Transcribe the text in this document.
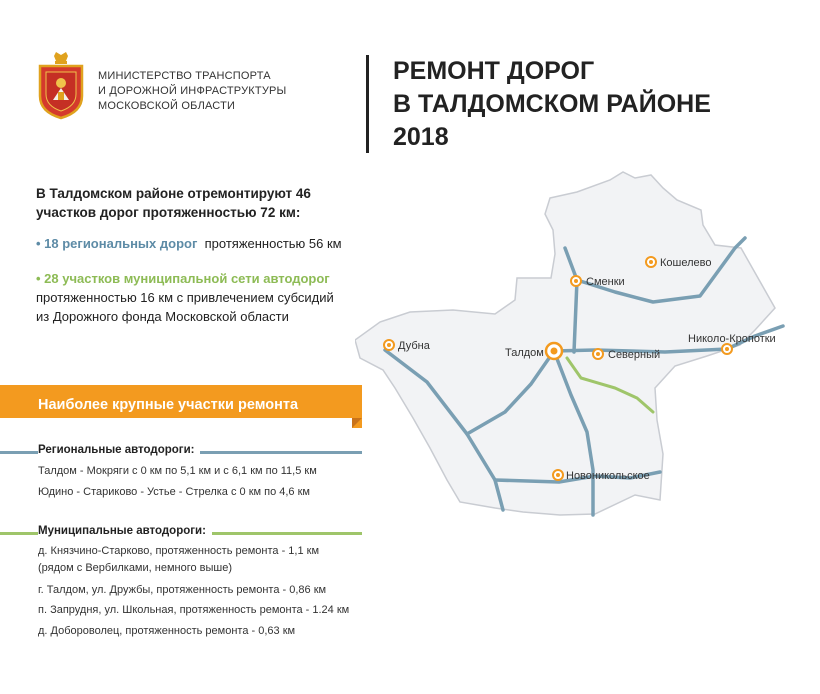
МИНИСТЕРСТВО ТРАНСПОРТА
И ДОРОЖНОЙ ИНФРАСТРУКТУРЫ
МОСКОВСКОЙ ОБЛАСТИ
РЕМОНТ ДОРОГ
В ТАЛДОМСКОМ РАЙОНЕ
2018
Кошелево
Сменки
Николо-Кропотки
Дубна
Талдом	Северный
Новоникольское
В Талдомском районе отремонтируют 46
участков дорог протяженностью 72 км:
• 18 региональных дорог протяженностью 56 км
• 28 участков муниципальной сети автодорог
протяженностью 16 км с привлечением субсидий
из Дорожного фонда Московской области
Наиболее крупные участки ремонта
Региональные автодороги:
Талдом - Мокряги с 0 км по 5,1 км и с 6,1 км по 11,5 км
Юдино - Стариково - Устье - Стрелка с 0 км по 4,6 км
Муниципальные автодороги:
д. Князчино-Старково, протяженность ремонта - 1,1 км
(рядом с Вербилками, немного выше)
г. Талдом, ул. Дружбы, протяженность ремонта - 0,86 км
п. Запрудня, ул. Школьная, протяженность ремонта - 1.24 км
д. Добороволец, протяженность ремонта - 0,63 км
